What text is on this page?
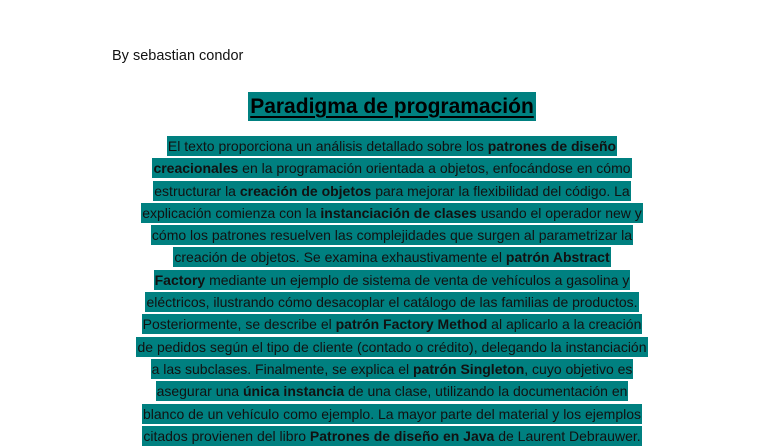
By sebastian condor
Paradigma de programación
El texto proporciona un análisis detallado sobre los patrones de diseño
creacionales en la programación orientada a objetos, enfocándose en cómo
estructurar la creación de objetos para mejorar la flexibilidad del código. La
explicación comienza con la instanciación de clases usando el operador new y
cómo los patrones resuelven las complejidades que surgen al parametrizar la
creación de objetos. Se examina exhaustivamente el patrón Abstract
Factory mediante un ejemplo de sistema de venta de vehículos a gasolina y
eléctricos, ilustrando cómo desacoplar el catálogo de las familias de productos.
Posteriormente, se describe el patrón Factory Method al aplicarlo a la creación
de pedidos según el tipo de cliente (contado o crédito), delegando la instanciación
a las subclases. Finalmente, se explica el patrón Singleton, cuyo objetivo es
asegurar una única instancia de una clase, utilizando la documentación en
blanco de un vehículo como ejemplo. La mayor parte del material y los ejemplos
citados provienen del libro Patrones de diseño en Java de Laurent Debrauwer.
